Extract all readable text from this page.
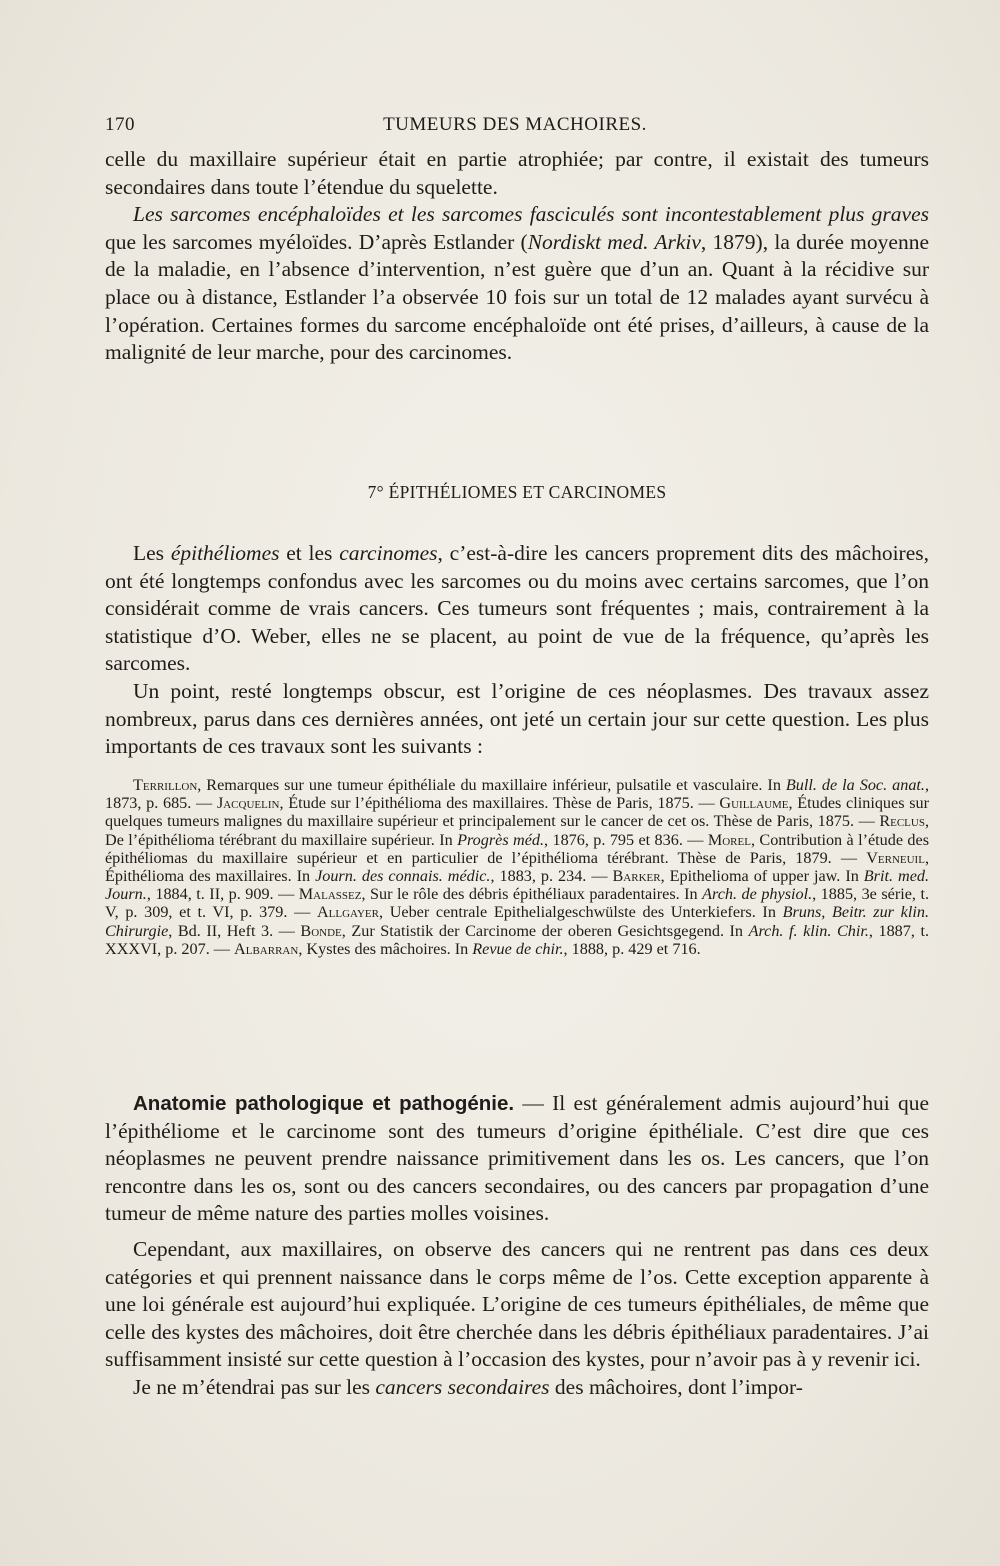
170	TUMEURS DES MACHOIRES.

celle du maxillaire supérieur était en partie atrophiée; par contre, il existait des tumeurs secondaires dans toute l’étendue du squelette.

Les sarcomes encéphaloïdes et les sarcomes fasciculés sont incontestablement plus graves que les sarcomes myéloïdes. D’après Estlander (Nordiskt med. Arkiv, 1879), la durée moyenne de la maladie, en l’absence d’intervention, n’est guère que d’un an. Quant à la récidive sur place ou à distance, Estlander l’a observée 10 fois sur un total de 12 malades ayant survécu à l’opération. Certaines formes du sarcome encéphaloïde ont été prises, d’ailleurs, à cause de la malignité de leur marche, pour des carcinomes.

7° ÉPITHÉLIOMES ET CARCINOMES

Les épithéliomes et les carcinomes, c’est-à-dire les cancers proprement dits des mâchoires, ont été longtemps confondus avec les sarcomes ou du moins avec certains sarcomes, que l’on considérait comme de vrais cancers. Ces tumeurs sont fréquentes ; mais, contrairement à la statistique d’O. Weber, elles ne se placent, au point de vue de la fréquence, qu’après les sarcomes.

Un point, resté longtemps obscur, est l’origine de ces néoplasmes. Des travaux assez nombreux, parus dans ces dernières années, ont jeté un certain jour sur cette question. Les plus importants de ces travaux sont les suivants :

Terrillon, Remarques sur une tumeur épithéliale du maxillaire inférieur, pulsatile et vasculaire. In Bull. de la Soc. anat., 1873, p. 685. — Jacquelin, Étude sur l’épithélioma des maxillaires. Thèse de Paris, 1875. — Guillaume, Études cliniques sur quelques tumeurs malignes du maxillaire supérieur et principalement sur le cancer de cet os. Thèse de Paris, 1875. — Reclus, De l’épithélioma térébrant du maxillaire supérieur. In Progrès méd., 1876, p. 795 et 836. — Morel, Contribution à l’étude des épithéliomas du maxillaire supérieur et en particulier de l’épithélioma térébrant. Thèse de Paris, 1879. — Verneuil, Épithélioma des maxillaires. In Journ. des connais. médic., 1883, p. 234. — Barker, Epithelioma of upper jaw. In Brit. med. Journ., 1884, t. II, p. 909. — Malassez, Sur le rôle des débris épithéliaux paradentaires. In Arch. de physiol., 1885, 3e série, t. V, p. 309, et t. VI, p. 379. — Allgayer, Ueber centrale Epithelialgeschwülste des Unterkiefers. In Bruns, Beitr. zur klin. Chirurgie, Bd. II, Heft 3. — Bonde, Zur Statistik der Carcinome der oberen Gesichtsgegend. In Arch. f. klin. Chir., 1887, t. XXXVI, p. 207. — Albarran, Kystes des mâchoires. In Revue de chir., 1888, p. 429 et 716.

Anatomie pathologique et pathogénie. — Il est généralement admis aujourd’hui que l’épithéliome et le carcinome sont des tumeurs d’origine épithéliale. C’est dire que ces néoplasmes ne peuvent prendre naissance primitivement dans les os. Les cancers, que l’on rencontre dans les os, sont ou des cancers secondaires, ou des cancers par propagation d’une tumeur de même nature des parties molles voisines.

Cependant, aux maxillaires, on observe des cancers qui ne rentrent pas dans ces deux catégories et qui prennent naissance dans le corps même de l’os. Cette exception apparente à une loi générale est aujourd’hui expliquée. L’origine de ces tumeurs épithéliales, de même que celle des kystes des mâchoires, doit être cherchée dans les débris épithéliaux paradentaires. J’ai suffisamment insisté sur cette question à l’occasion des kystes, pour n’avoir pas à y revenir ici.

Je ne m’étendrai pas sur les cancers secondaires des mâchoires, dont l’impor-
